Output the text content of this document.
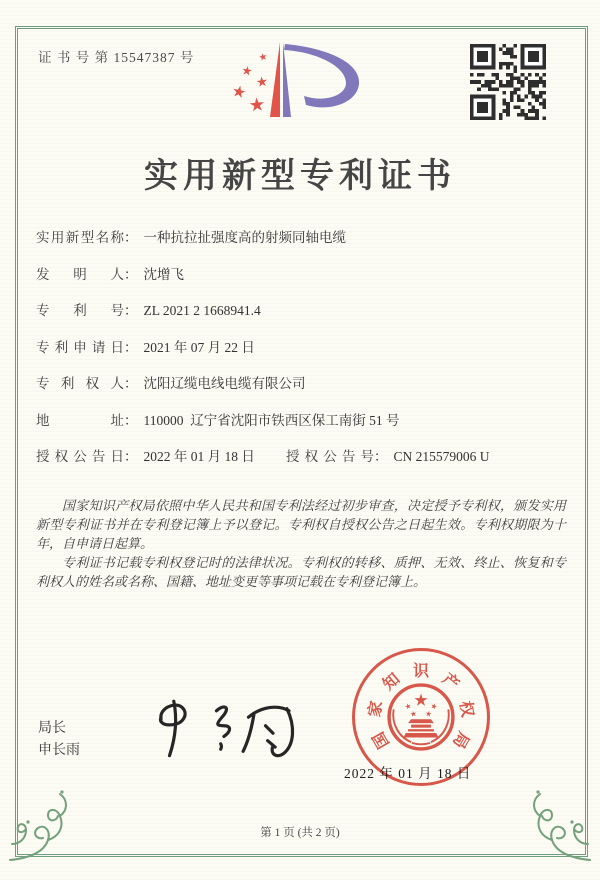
证 书 号 第 15547387 号
实用新型专利证书
实用新型名称 ： 一种抗拉扯强度高的射频同轴电缆
发明人 ： 沈增飞
专利号 ： ZL 2021 2 1668941.4
专利申请日 ： 2021 年 07 月 22 日
专利权人 ： 沈阳辽缆电线电缆有限公司
地址 ： 110000  辽宁省沈阳市铁西区保工南街 51 号
授权公告日 ： 2022 年 01 月 18 日 授权公告号 ： CN 215579006 U

国家知识产权局依照中华人民共和国专利法经过初步审查，决定授予专利权，颁发实用新型专利证书并在专利登记簿上予以登记。专利权自授权公告之日起生效。专利权期限为十年，自申请日起算。

专利证书记载专利权登记时的法律状况。专利权的转移、质押、无效、终止、恢复和专利权人的姓名或名称、国籍、地址变更等事项记载在专利登记簿上。

局长
申长雨	国
家
知 识 产
权
局
2022 年 01 月 18 日
第 1 页 (共 2 页)
